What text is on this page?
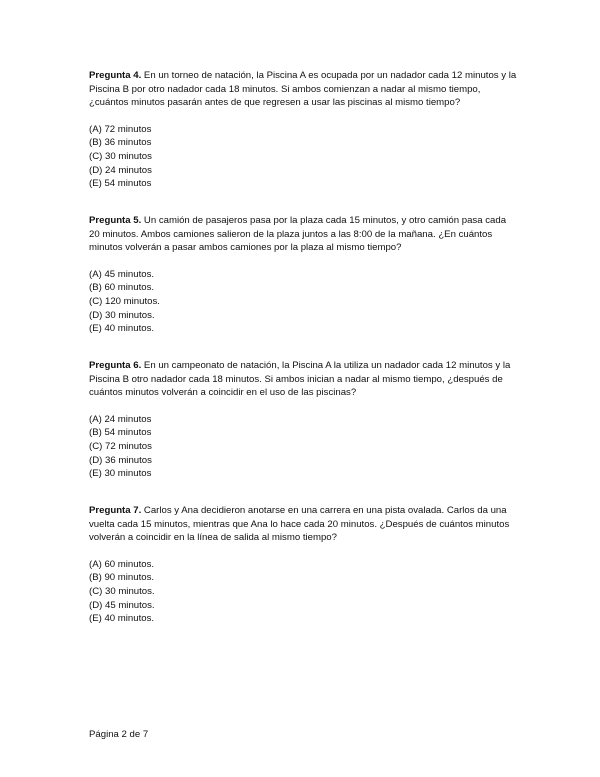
Pregunta 4. En un torneo de natación, la Piscina A es ocupada por un nadador cada 12 minutos y la Piscina B por otro nadador cada 18 minutos. Si ambos comienzan a nadar al mismo tiempo, ¿cuántos minutos pasarán antes de que regresen a usar las piscinas al mismo tiempo?

(A) 72 minutos
(B) 36 minutos
(C) 30 minutos
(D) 24 minutos
(E) 54 minutos

Pregunta 5. Un camión de pasajeros pasa por la plaza cada 15 minutos, y otro camión pasa cada 20 minutos. Ambos camiones salieron de la plaza juntos a las 8:00 de la mañana. ¿En cuántos minutos volverán a pasar ambos camiones por la plaza al mismo tiempo?

(A) 45 minutos.
(B) 60 minutos.
(C) 120 minutos.
(D) 30 minutos.
(E) 40 minutos.

Pregunta 6. En un campeonato de natación, la Piscina A la utiliza un nadador cada 12 minutos y la Piscina B otro nadador cada 18 minutos. Si ambos inician a nadar al mismo tiempo, ¿después de cuántos minutos volverán a coincidir en el uso de las piscinas?

(A) 24 minutos
(B) 54 minutos
(C) 72 minutos
(D) 36 minutos
(E) 30 minutos

Pregunta 7. Carlos y Ana decidieron anotarse en una carrera en una pista ovalada. Carlos da una vuelta cada 15 minutos, mientras que Ana lo hace cada 20 minutos. ¿Después de cuántos minutos volverán a coincidir en la línea de salida al mismo tiempo?

(A) 60 minutos.
(B) 90 minutos.
(C) 30 minutos.
(D) 45 minutos.
(E) 40 minutos.
Página 2 de 7
